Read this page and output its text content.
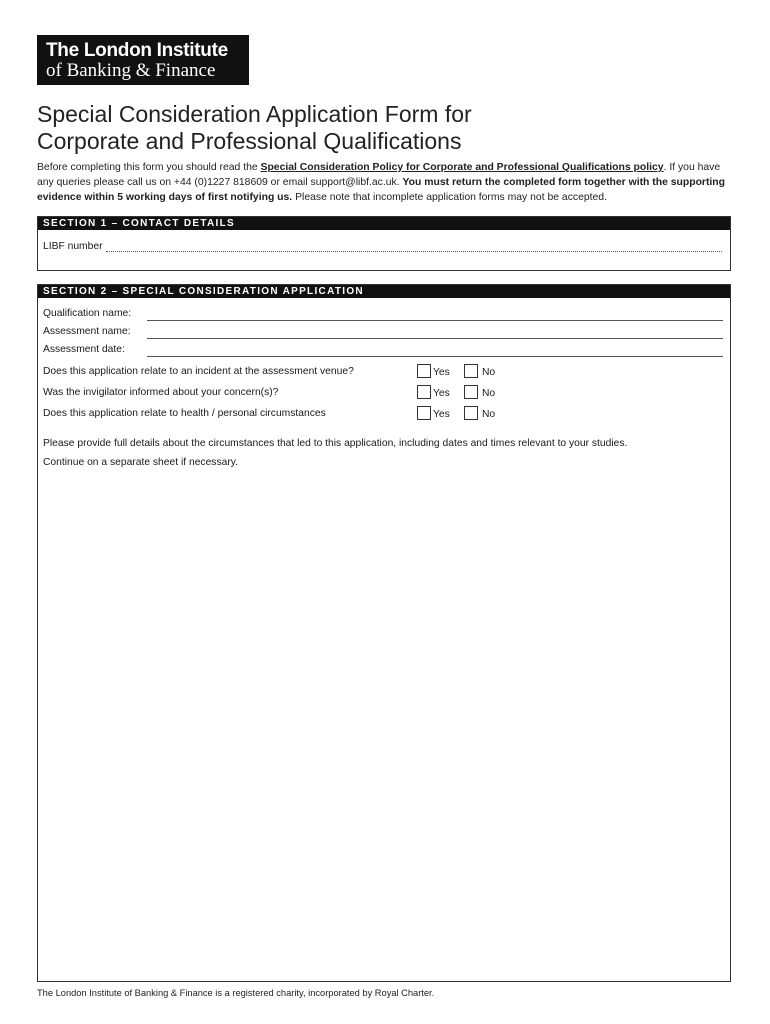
The London Institute
of Banking & Finance
Special Consideration Application Form for
Corporate and Professional Qualifications

Before completing this form you should read the Special Consideration Policy for Corporate and Professional Qualifications policy. If you have any queries please call us on +44 (0)1227 818609 or email support@libf.ac.uk. You must return the completed form together with the supporting evidence within 5 working days of first notifying us. Please note that incomplete application forms may not be accepted.

SECTION 1 – CONTACT DETAILS
LIBF number
SECTION 2 – SPECIAL CONSIDERATION APPLICATION
Qualification name:
Assessment name:
Assessment date:
Does this application relate to an incident at the assessment venue?	Yes	No
Was the invigilator informed about your concern(s)?	Yes	No
Does this application relate to health / personal circumstances	Yes	No

Please provide full details about the circumstances that led to this application, including dates and times relevant to your studies.
Continue on a separate sheet if necessary.

The London Institute of Banking & Finance is a registered charity, incorporated by Royal Charter.
